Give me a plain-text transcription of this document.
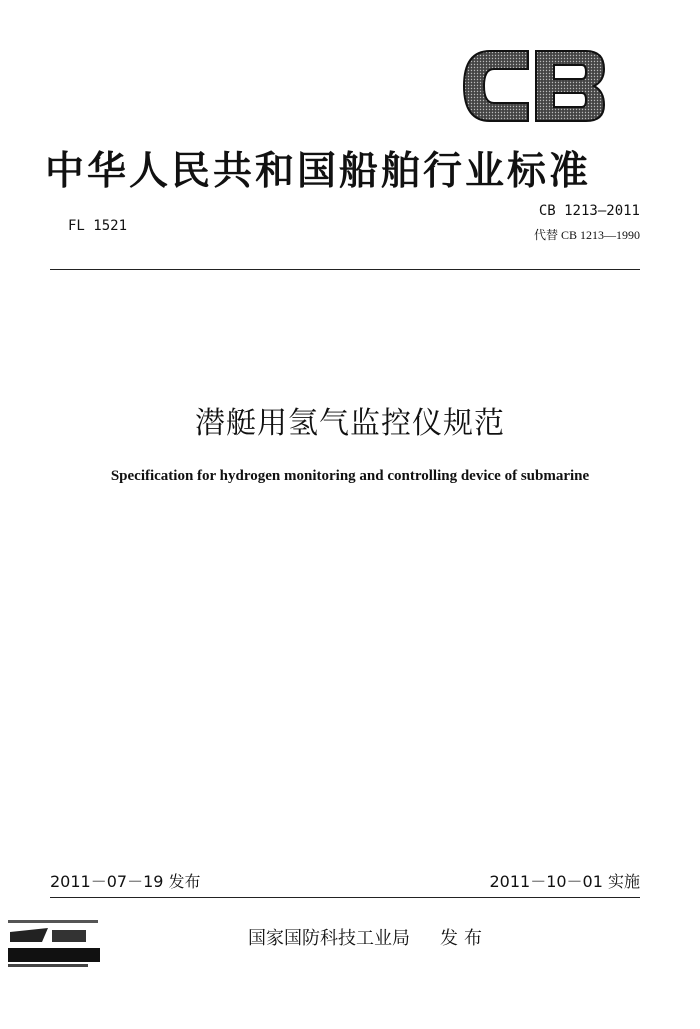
中华人民共和国船舶行业标准
FL 1521
CB 1213—2011
代替 CB 1213—1990
潜艇用氢气监控仪规范
Specification for hydrogen monitoring and controlling device of submarine
2011－07－19 发布	2011－10－01 实施
国家国防科技工业局 发布
